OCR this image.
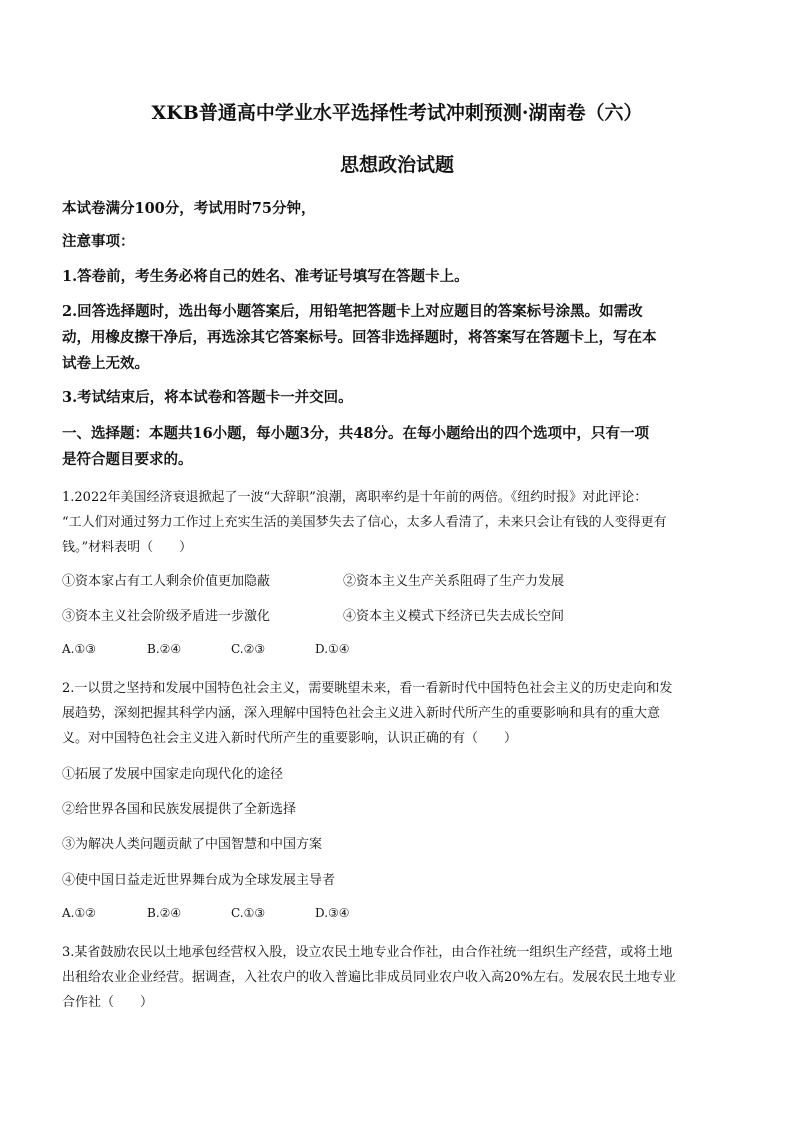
XKB普通高中学业水平选择性考试冲刺预测·湖南卷（六）
思想政治试题
本试卷满分100分，考试用时75分钟，
注意事项：
1.答卷前，考生务必将自己的姓名、准考证号填写在答题卡上。
2.回答选择题时，选出每小题答案后，用铅笔把答题卡上对应题目的答案标号涂黑。如需改
动，用橡皮擦干净后，再选涂其它答案标号。回答非选择题时，将答案写在答题卡上，写在本
试卷上无效。
3.考试结束后，将本试卷和答题卡一并交回。
一、选择题：本题共16小题，每小题3分，共48分。在每小题给出的四个选项中，只有一项
是符合题目要求的。
1.2022年美国经济衰退掀起了一波“大辞职”浪潮，离职率约是十年前的两倍。《纽约时报》对此评论：
“工人们对通过努力工作过上充实生活的美国梦失去了信心，太多人看清了，未来只会让有钱的人变得更有
钱。”材料表明（　　）
①资本家占有工人剩余价值更加隐蔽	②资本主义生产关系阻碍了生产力发展
③资本主义社会阶级矛盾进一步激化	④资本主义模式下经济已失去成长空间
A.①③	B.②④	C.②③	D.①④
2.一以贯之坚持和发展中国特色社会主义，需要眺望未来，看一看新时代中国特色社会主义的历史走向和发
展趋势，深刻把握其科学内涵，深入理解中国特色社会主义进入新时代所产生的重要影响和具有的重大意
义。对中国特色社会主义进入新时代所产生的重要影响，认识正确的有（　　）
①拓展了发展中国家走向现代化的途径
②给世界各国和民族发展提供了全新选择
③为解决人类问题贡献了中国智慧和中国方案
④使中国日益走近世界舞台成为全球发展主导者
A.①②	B.②④	C.①③	D.③④
3.某省鼓励农民以土地承包经营权入股，设立农民土地专业合作社，由合作社统一组织生产经营，或将土地
出租给农业企业经营。据调查，入社农户的收入普遍比非成员同业农户收入高20%左右。发展农民土地专业
合作社（　　）
